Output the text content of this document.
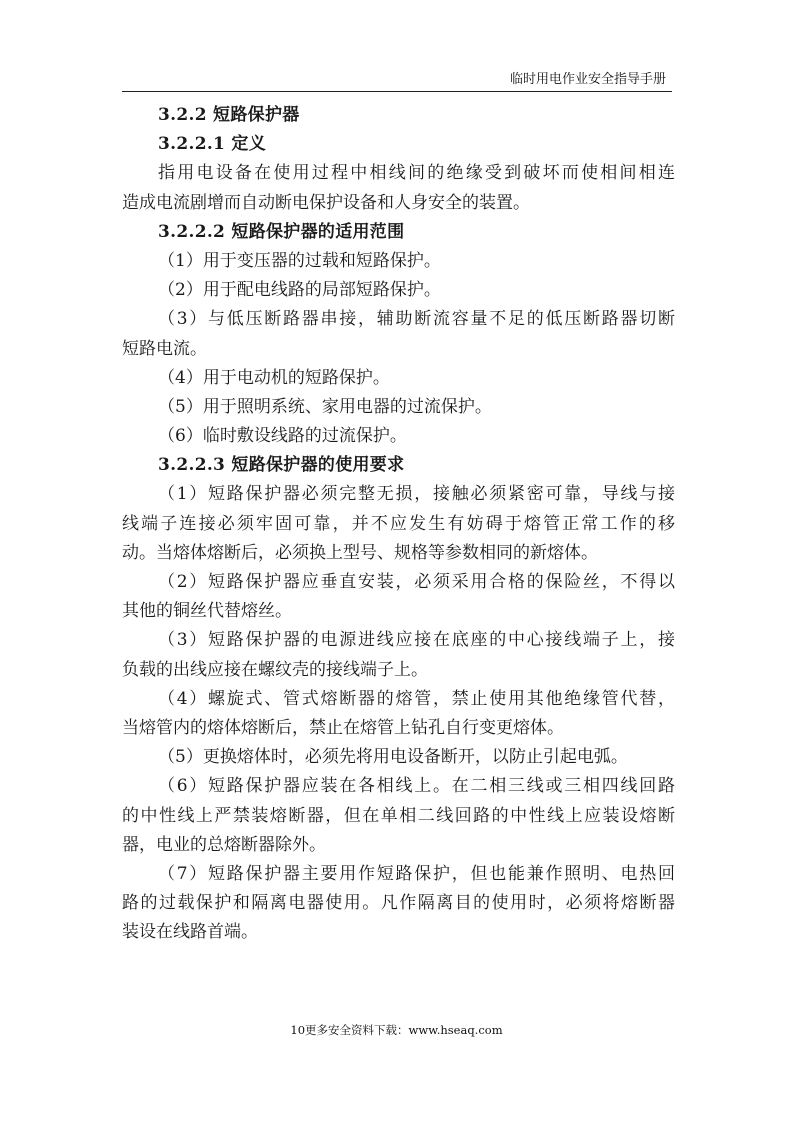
临时用电作业安全指导手册
3.2.2 短路保护器
3.2.2.1 定义
指用电设备在使用过程中相线间的绝缘受到破坏而使相间相连
造成电流剧增而自动断电保护设备和人身安全的装置。
3.2.2.2 短路保护器的适用范围
（1）用于变压器的过载和短路保护。
（2）用于配电线路的局部短路保护。
（3）与低压断路器串接，辅助断流容量不足的低压断路器切断
短路电流。
（4）用于电动机的短路保护。
（5）用于照明系统、家用电器的过流保护。
（6）临时敷设线路的过流保护。
3.2.2.3 短路保护器的使用要求
（1）短路保护器必须完整无损，接触必须紧密可靠，导线与接
线端子连接必须牢固可靠，并不应发生有妨碍于熔管正常工作的移
动。当熔体熔断后，必须换上型号、规格等参数相同的新熔体。
（2）短路保护器应垂直安装，必须采用合格的保险丝，不得以
其他的铜丝代替熔丝。
（3）短路保护器的电源进线应接在底座的中心接线端子上，接
负载的出线应接在螺纹壳的接线端子上。
（4）螺旋式、管式熔断器的熔管，禁止使用其他绝缘管代替，
当熔管内的熔体熔断后，禁止在熔管上钻孔自行变更熔体。
（5）更换熔体时，必须先将用电设备断开，以防止引起电弧。
（6）短路保护器应装在各相线上。在二相三线或三相四线回路
的中性线上严禁装熔断器，但在单相二线回路的中性线上应装设熔断
器，电业的总熔断器除外。
（7）短路保护器主要用作短路保护，但也能兼作照明、电热回
路的过载保护和隔离电器使用。凡作隔离目的使用时，必须将熔断器
装设在线路首端。
10更多安全资料下载：www.hseaq.com
